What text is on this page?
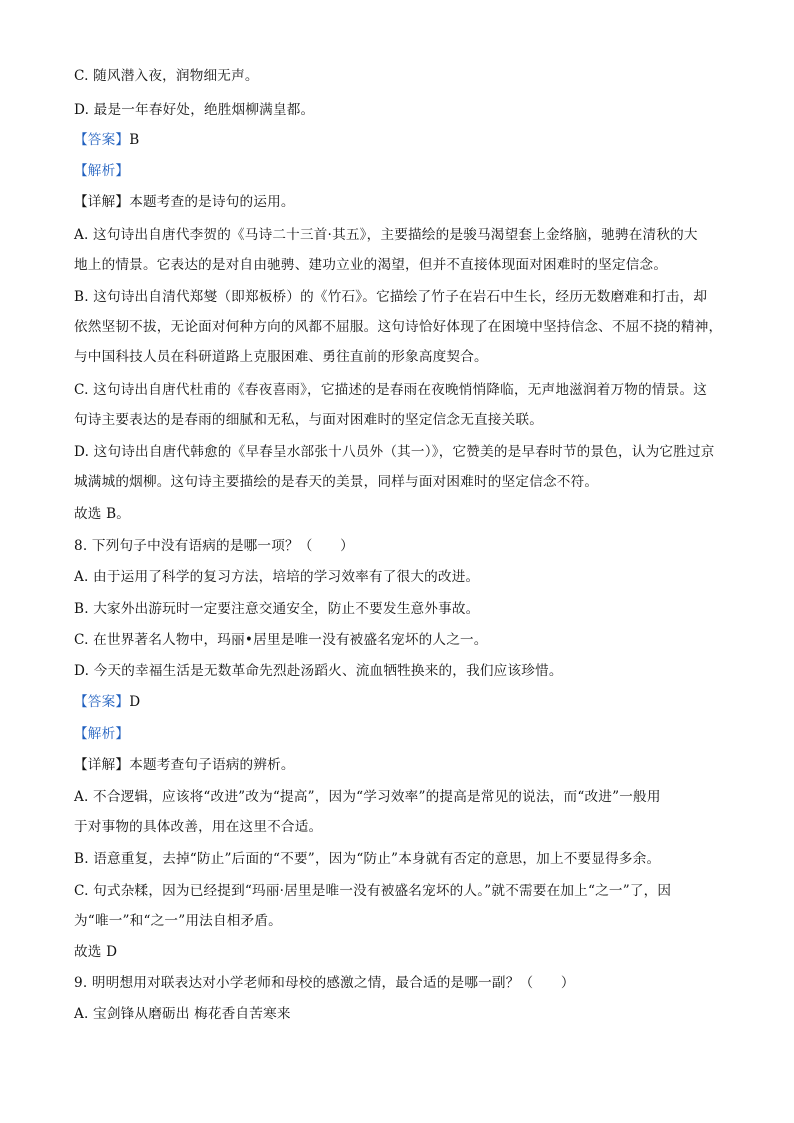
C. 随风潜入夜，润物细无声。
D. 最是一年春好处，绝胜烟柳满皇都。
【答案】B
【解析】
【详解】本题考查的是诗句的运用。
A. 这句诗出自唐代李贺的《马诗二十三首·其五》，主要描绘的是骏马渴望套上金络脑，驰骋在清秋的大
地上的情景。它表达的是对自由驰骋、建功立业的渴望，但并不直接体现面对困难时的坚定信念。
B. 这句诗出自清代郑燮（即郑板桥）的《竹石》。它描绘了竹子在岩石中生长，经历无数磨难和打击，却
依然坚韧不拔，无论面对何种方向的风都不屈服。这句诗恰好体现了在困境中坚持信念、不屈不挠的精神，
与中国科技人员在科研道路上克服困难、勇往直前的形象高度契合。
C. 这句诗出自唐代杜甫的《春夜喜雨》，它描述的是春雨在夜晚悄悄降临，无声地滋润着万物的情景。这
句诗主要表达的是春雨的细腻和无私，与面对困难时的坚定信念无直接关联。
D. 这句诗出自唐代韩愈的《早春呈水部张十八员外（其一）》，它赞美的是早春时节的景色，认为它胜过京
城满城的烟柳。这句诗主要描绘的是春天的美景，同样与面对困难时的坚定信念不符。
故选 B。
8. 下列句子中没有语病的是哪一项？（　　）
A. 由于运用了科学的复习方法，培培的学习效率有了很大的改进。
B. 大家外出游玩时一定要注意交通安全，防止不要发生意外事故。
C. 在世界著名人物中，玛丽•居里是唯一没有被盛名宠坏的人之一。
D. 今天的幸福生活是无数革命先烈赴汤蹈火、流血牺牲换来的，我们应该珍惜。
【答案】D
【解析】
【详解】本题考查句子语病的辨析。
A. 不合逻辑，应该将“改进”改为“提高”，因为“学习效率”的提高是常见的说法，而“改进”一般用
于对事物的具体改善，用在这里不合适。
B. 语意重复，去掉“防止”后面的“不要”，因为“防止”本身就有否定的意思，加上不要显得多余。
C. 句式杂糅，因为已经提到“玛丽·居里是唯一没有被盛名宠坏的人。”就不需要在加上“之一”了，因
为“唯一”和“之一”用法自相矛盾。
故选 D
9. 明明想用对联表达对小学老师和母校的感激之情，最合适的是哪一副？（　　）
A. 宝剑锋从磨砺出 梅花香自苦寒来
